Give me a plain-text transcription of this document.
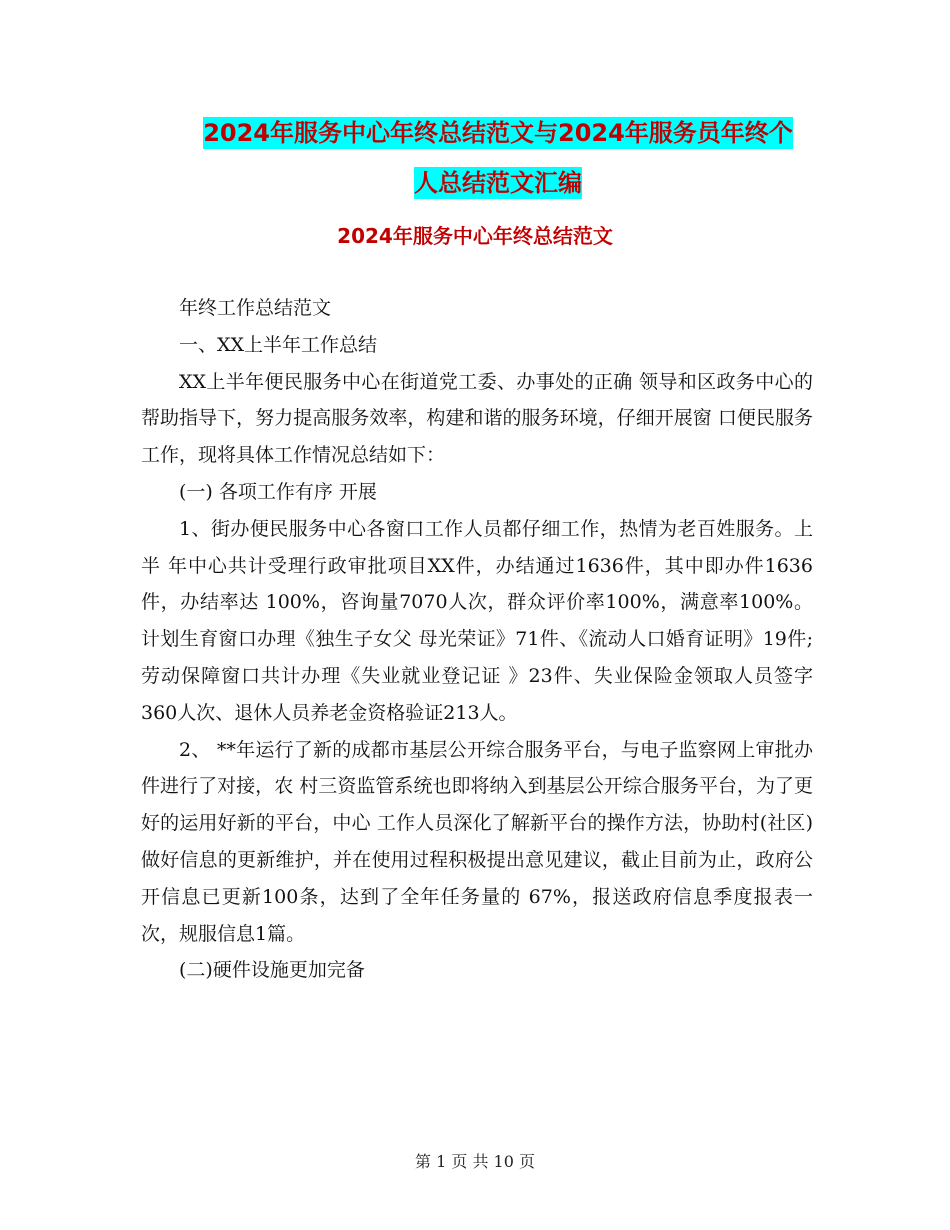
2024年服务中心年终总结范文与2024年服务员年终个
人总结范文汇编
2024年服务中心年终总结范文

年终工作总结范文

一、XX上半年工作总结

XX上半年便民服务中心在街道党工委、办事处的正确 领导和区政务中心的帮助指导下，努力提高服务效率，构建和谐的服务环境，仔细开展窗 口便民服务工作，现将具体工作情况总结如下：

(一) 各项工作有序 开展

1、街办便民服务中心各窗口工作人员都仔细工作，热情为老百姓服务。上半 年中心共计受理行政审批项目XX件，办结通过1636件，其中即办件1636件，办结率达 100%，咨询量7070人次，群众评价率100%，满意率100%。计划生育窗口办理《独生子女父 母光荣证》71件、《流动人口婚育证明》19件;劳动保障窗口共计办理《失业就业登记证 》23件、失业保险金领取人员签字360人次、退休人员养老金资格验证213人。

2、 **年运行了新的成都市基层公开综合服务平台，与电子监察网上审批办件进行了对接，农 村三资监管系统也即将纳入到基层公开综合服务平台，为了更好的运用好新的平台，中心 工作人员深化了解新平台的操作方法，协助村(社区)做好信息的更新维护，并在使用过程积极提出意见建议，截止目前为止，政府公开信息已更新100条，达到了全年任务量的 67%，报送政府信息季度报表一次，规服信息1篇。

(二)硬件设施更加完备

第 1 页 共 10 页
